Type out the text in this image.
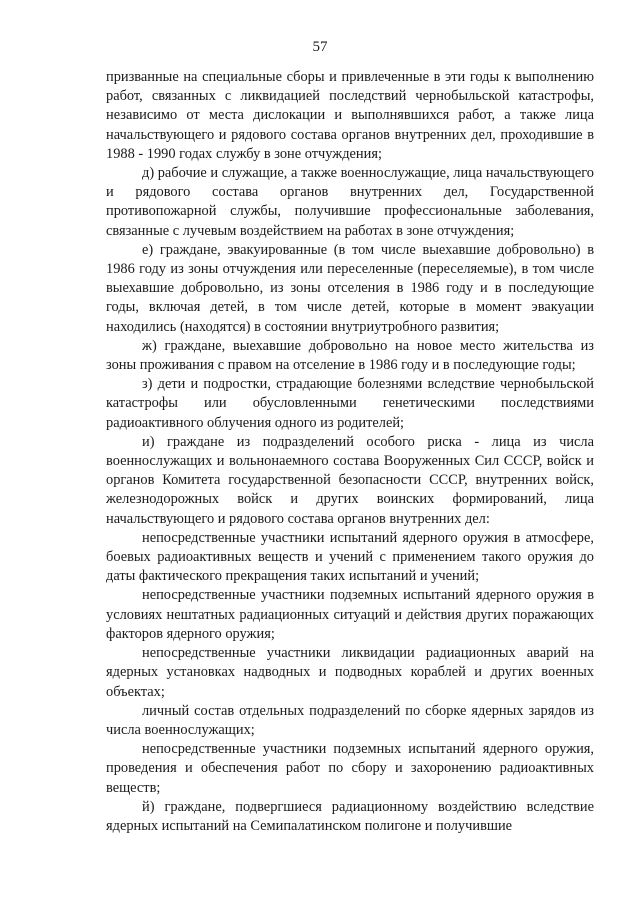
57

призванные на специальные сборы и привлеченные в эти годы к выполнению работ, связанных с ликвидацией последствий чернобыльской катастрофы, независимо от места дислокации и выполнявшихся работ, а также лица начальствующего и рядового состава органов внутренних дел, проходившие в 1988 - 1990 годах службу в зоне отчуждения;

д) рабочие и служащие, а также военнослужащие, лица начальствующего и рядового состава органов внутренних дел, Государственной противопожарной службы, получившие профессиональные заболевания, связанные с лучевым воздействием на работах в зоне отчуждения;

е) граждане, эвакуированные (в том числе выехавшие добровольно) в 1986 году из зоны отчуждения или переселенные (переселяемые), в том числе выехавшие добровольно, из зоны отселения в 1986 году и в последующие годы, включая детей, в том числе детей, которые в момент эвакуации находились (находятся) в состоянии внутриутробного развития;

ж) граждане, выехавшие добровольно на новое место жительства из зоны проживания с правом на отселение в 1986 году и в последующие годы;

з) дети и подростки, страдающие болезнями вследствие чернобыльской катастрофы или обусловленными генетическими последствиями радиоактивного облучения одного из родителей;

и) граждане из подразделений особого риска - лица из числа военнослужащих и вольнонаемного состава Вооруженных Сил СССР, войск и органов Комитета государственной безопасности СССР, внутренних войск, железнодорожных войск и других воинских формирований, лица начальствующего и рядового состава органов внутренних дел:

непосредственные участники испытаний ядерного оружия в атмосфере, боевых радиоактивных веществ и учений с применением такого оружия до даты фактического прекращения таких испытаний и учений;

непосредственные участники подземных испытаний ядерного оружия в условиях нештатных радиационных ситуаций и действия других поражающих факторов ядерного оружия;

непосредственные участники ликвидации радиационных аварий на ядерных установках надводных и подводных кораблей и других военных объектах;

личный состав отдельных подразделений по сборке ядерных зарядов из числа военнослужащих;

непосредственные участники подземных испытаний ядерного оружия, проведения и обеспечения работ по сбору и захоронению радиоактивных веществ;

й) граждане, подвергшиеся радиационному воздействию вследствие ядерных испытаний на Семипалатинском полигоне и получившие
